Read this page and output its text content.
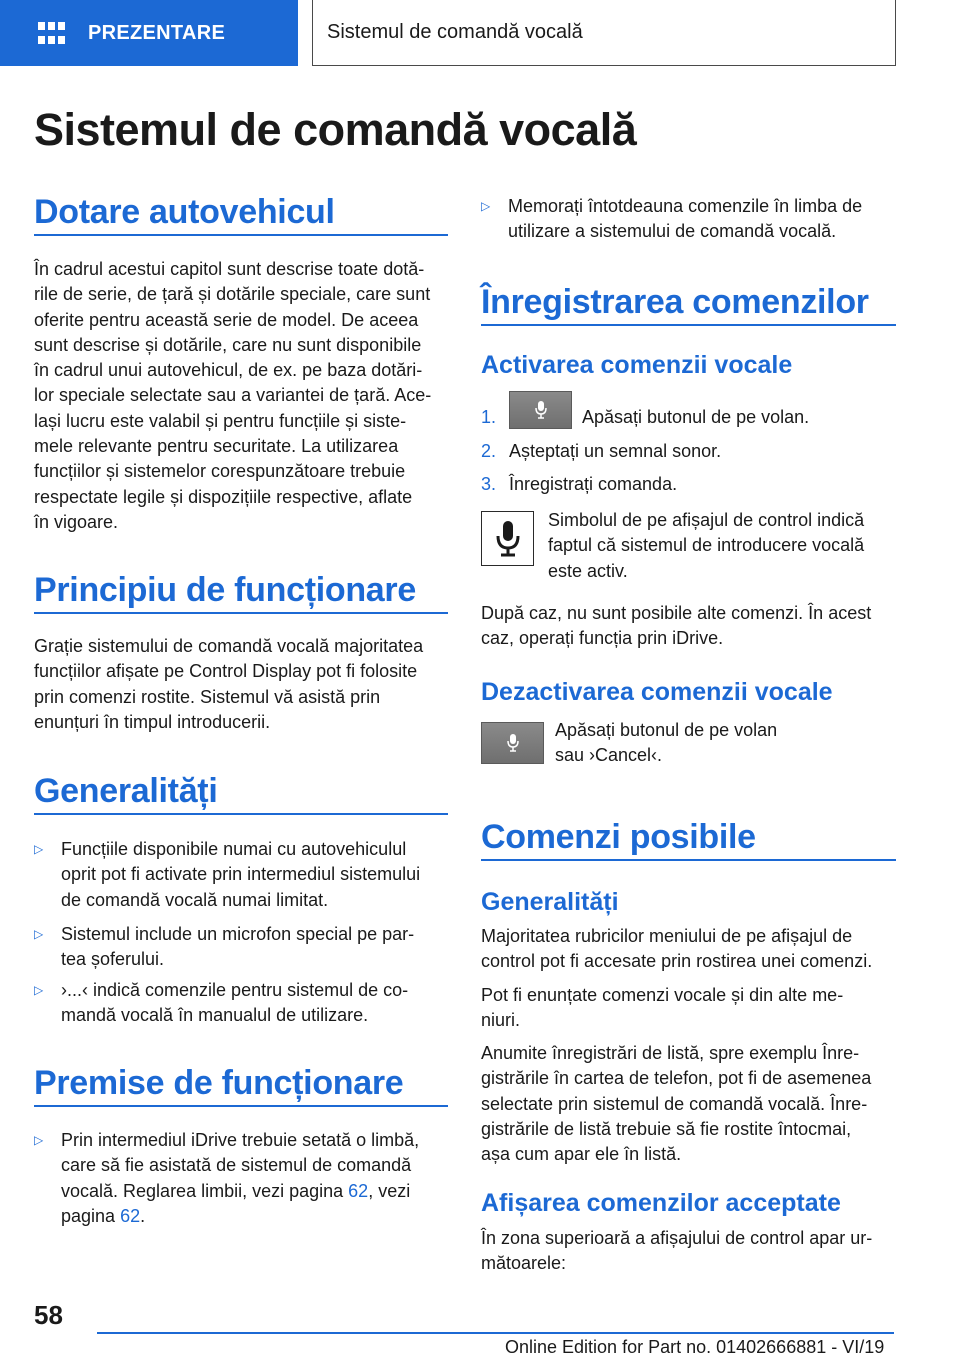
PREZENTARE	Sistemul de comandă vocală
Sistemul de comandă vocală
Dotare autovehicul
În cadrul acestui capitol sunt descrise toate dotă-
rile de serie, de țară și dotările speciale, care sunt
oferite pentru această serie de model. De aceea
sunt descrise și dotările, care nu sunt disponibile
în cadrul unui autovehicul, de ex. pe baza dotări-
lor speciale selectate sau a variantei de țară. Ace-
lași lucru este valabil și pentru funcțiile și siste-
mele relevante pentru securitate. La utilizarea
funcțiilor și sistemelor corespunzătoare trebuie
respectate legile și dispozițiile respective, aflate
în vigoare.
Principiu de funcționare
Grație sistemului de comandă vocală majoritatea
funcțiilor afișate pe Control Display pot fi folosite
prin comenzi rostite. Sistemul vă asistă prin
enunțuri în timpul introducerii.
Generalități
▷ Funcțiile disponibile numai cu autovehiculul
oprit pot fi activate prin intermediul sistemului
de comandă vocală numai limitat.
▷ Sistemul include un microfon special pe par-
tea șoferului.
▷ ›...‹ indică comenzile pentru sistemul de co-
mandă vocală în manualul de utilizare.
Premise de funcționare
▷ Prin intermediul iDrive trebuie setată o limbă,
care să fie asistată de sistemul de comandă
vocală. Reglarea limbii, vezi pagina 62, vezi
pagina 62.
▷ Memorați întotdeauna comenzile în limba de
utilizare a sistemului de comandă vocală.
Înregistrarea comenzilor
Activarea comenzii vocale
1.	Apăsați butonul de pe volan.
2. Așteptați un semnal sonor.
3. Înregistrați comanda.
Simbolul de pe afișajul de control indică
faptul că sistemul de introducere vocală
este activ.
După caz, nu sunt posibile alte comenzi. În acest
caz, operați funcția prin iDrive.
Dezactivarea comenzii vocale
Apăsați butonul de pe volan
sau ›Cancel‹.
Comenzi posibile
Generalități
Majoritatea rubricilor meniului de pe afișajul de
control pot fi accesate prin rostirea unei comenzi.
Pot fi enunțate comenzi vocale și din alte me-
niuri.
Anumite înregistrări de listă, spre exemplu Înre-
gistrările în cartea de telefon, pot fi de asemenea
selectate prin sistemul de comandă vocală. Înre-
gistrările de listă trebuie să fie rostite întocmai,
așa cum apar ele în listă.
Afișarea comenzilor acceptate
În zona superioară a afișajului de control apar ur-
mătoarele:
58
Online Edition for Part no. 01402666881 - VI/19
